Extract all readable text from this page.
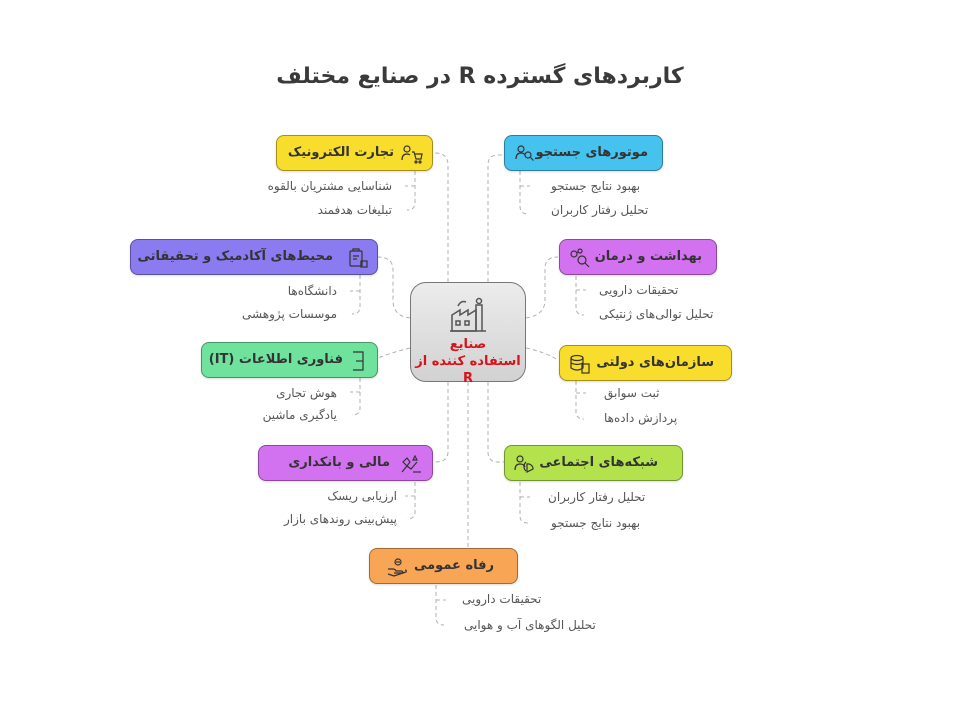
کاربردهای گسترده R در صنایع مختلف
صنایع
استفاده کننده از R
موتورهای جستجو
بهبود نتایج جستجو
تحلیل رفتار کاربران
بهداشت و درمان
تحقیقات دارویی
تحلیل توالی‌های ژنتیکی
سازمان‌های دولتی
ثبت سوابق
پردازش داده‌ها
شبکه‌های اجتماعی
تحلیل رفتار کاربران
بهبود نتایج جستجو
تجارت الکترونیک
شناسایی مشتریان بالقوه
تبلیغات هدفمند
محیط‌های آکادمیک و تحقیقاتی
دانشگاه‌ها
موسسات پژوهشی
فناوری اطلاعات (IT)
هوش تجاری
یادگیری ماشین
مالی و بانکداری
ارزیابی ریسک
پیش‌بینی روندهای بازار
رفاه عمومی
تحقیقات دارویی
تحلیل الگوهای آب و هوایی
